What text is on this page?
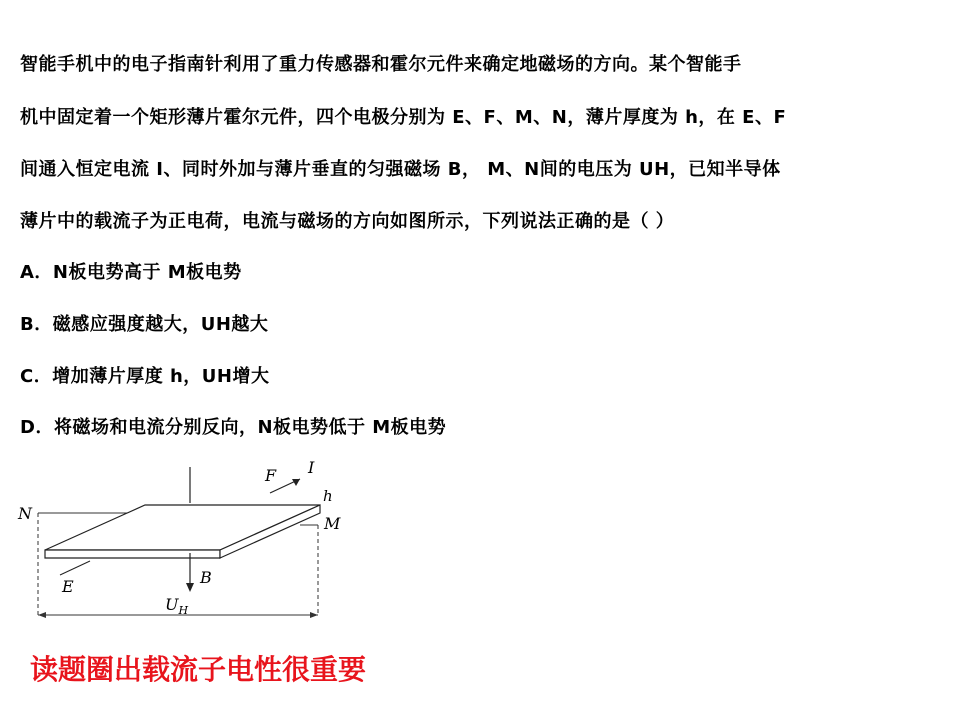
智能手机中的电子指南针利用了重力传感器和霍尔元件来确定地磁场的方向。某个智能手
机中固定着一个矩形薄片霍尔元件，四个电极分别为 E、F、M、N，薄片厚度为 h，在 E、F
间通入恒定电流 I、同时外加与薄片垂直的匀强磁场 B， M、N间的电压为 UH，已知半导体
薄片中的载流子为正电荷，电流与磁场的方向如图所示，下列说法正确的是（ ）
A．N板电势高于 M板电势
B．磁感应强度越大，UH越大
C．增加薄片厚度 h，UH增大
D．将磁场和电流分别反向，N板电势低于 M板电势
F I
h
N
M
E	B
$U_H$
读题圈出载流子电性很重要
